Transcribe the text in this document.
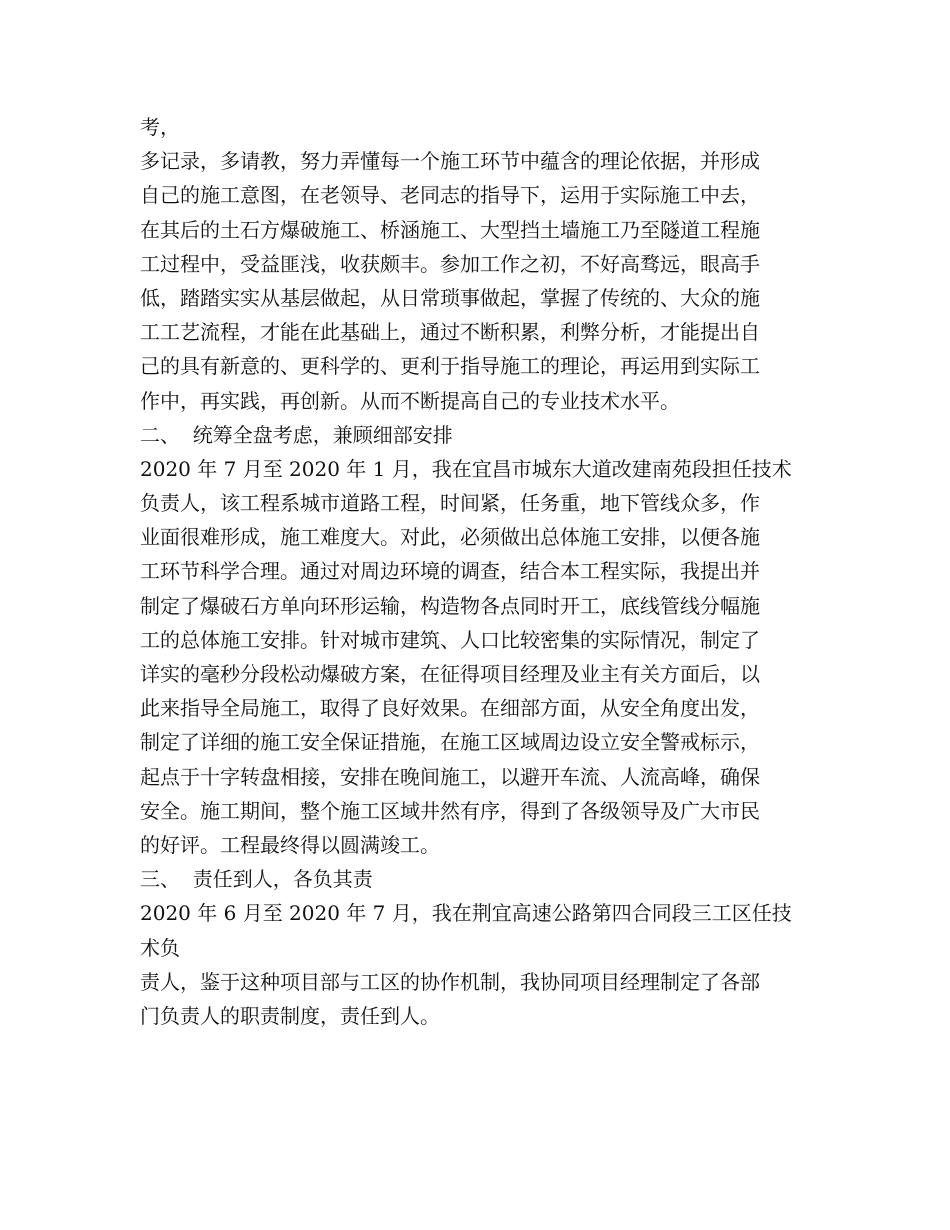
考，
多记录，多请教，努力弄懂每一个施工环节中蕴含的理论依据，并形成
自己的施工意图，在老领导、老同志的指导下，运用于实际施工中去，
在其后的土石方爆破施工、桥涵施工、大型挡土墙施工乃至隧道工程施
工过程中，受益匪浅，收获颇丰。参加工作之初，不好高骛远，眼高手
低，踏踏实实从基层做起，从日常琐事做起，掌握了传统的、大众的施
工工艺流程，才能在此基础上，通过不断积累，利弊分析，才能提出自
己的具有新意的、更科学的、更利于指导施工的理论，再运用到实际工
作中，再实践，再创新。从而不断提高自己的专业技术水平。
二、  统筹全盘考虑，兼顾细部安排
2020 年 7 月至 2020 年 1 月，我在宜昌市城东大道改建南苑段担任技术
负责人，该工程系城市道路工程，时间紧，任务重，地下管线众多，作
业面很难形成，施工难度大。对此，必须做出总体施工安排，以便各施
工环节科学合理。通过对周边环境的调查，结合本工程实际，我提出并
制定了爆破石方单向环形运输，构造物各点同时开工，底线管线分幅施
工的总体施工安排。针对城市建筑、人口比较密集的实际情况，制定了
详实的毫秒分段松动爆破方案，在征得项目经理及业主有关方面后，以
此来指导全局施工，取得了良好效果。在细部方面，从安全角度出发，
制定了详细的施工安全保证措施，在施工区域周边设立安全警戒标示，
起点于十字转盘相接，安排在晚间施工，以避开车流、人流高峰，确保
安全。施工期间，整个施工区域井然有序，得到了各级领导及广大市民
的好评。工程最终得以圆满竣工。
三、  责任到人，各负其责
2020 年 6 月至 2020 年 7 月，我在荆宜高速公路第四合同段三工区任技
术负
责人，鉴于这种项目部与工区的协作机制，我协同项目经理制定了各部
门负责人的职责制度，责任到人。
